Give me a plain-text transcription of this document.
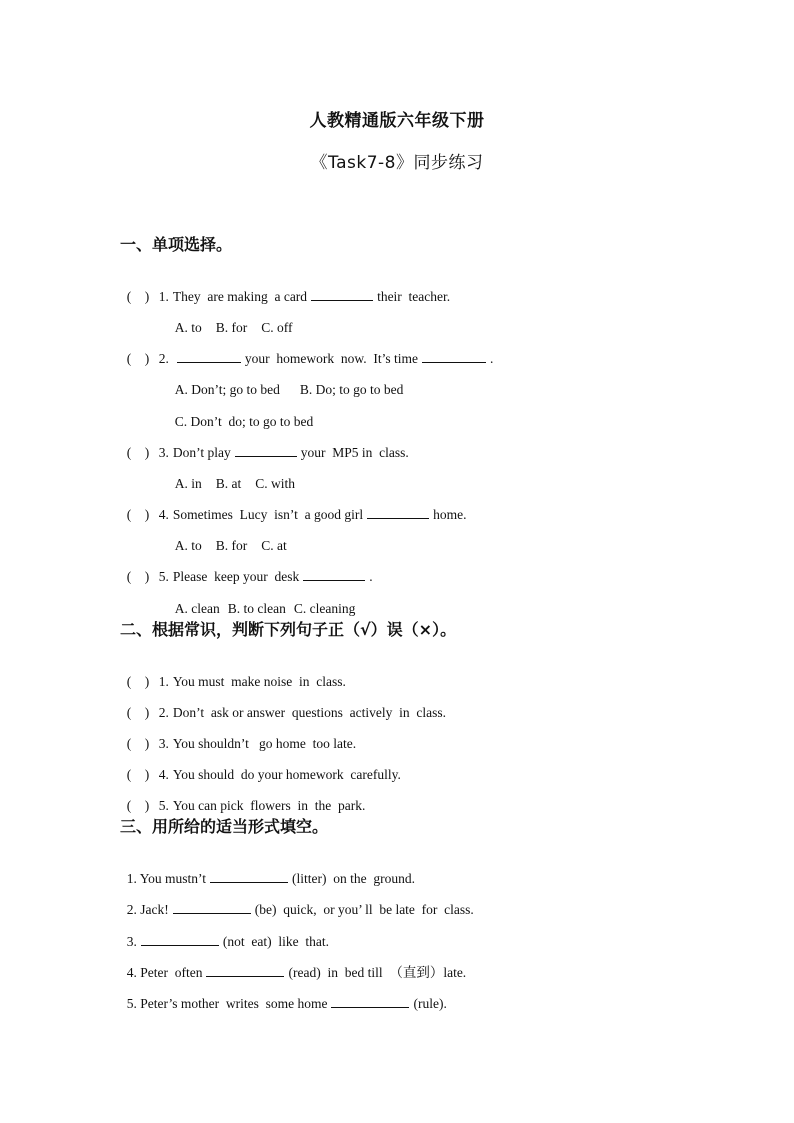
人教精通版六年级下册
《Task7-8》同步练习
一、单项选择。

(    ) 1. They  are making  a card	their  teacher.

A. to B. for C. off

(    ) 2.	your  homework  now.  It’s time	.

A. Don’t; go to bed B. Do; to go to bed

C. Don’t  do; to go to bed

(    ) 3. Don’t play	your  MP5 in  class.

A. in B. at C. with

(    ) 4. Sometimes  Lucy  isn’t  a good girl	home.

A. to B. for C. at

(    ) 5. Please  keep your  desk	.

A. clean B. to clean C. cleaning

二、根据常识，判断下列句子正（√）误（×）。

(    ) 1. You must  make noise  in  class.

(    ) 2. Don’t  ask or answer  questions  actively  in  class.

(    ) 3. You shouldn’t   go home  too late.

(    ) 4. You should  do your homework  carefully.

(    ) 5. You can pick  flowers  in  the  park.

三、用所给的适当形式填空。

1. You mustn’t	(litter)  on the  ground.

2. Jack!	(be)  quick,  or you’ ll  be late  for  class.

3.	(not  eat)  like  that.

4. Peter  often	(read)  in  bed till  （直到）late.

5. Peter’s mother  writes  some home	(rule).
